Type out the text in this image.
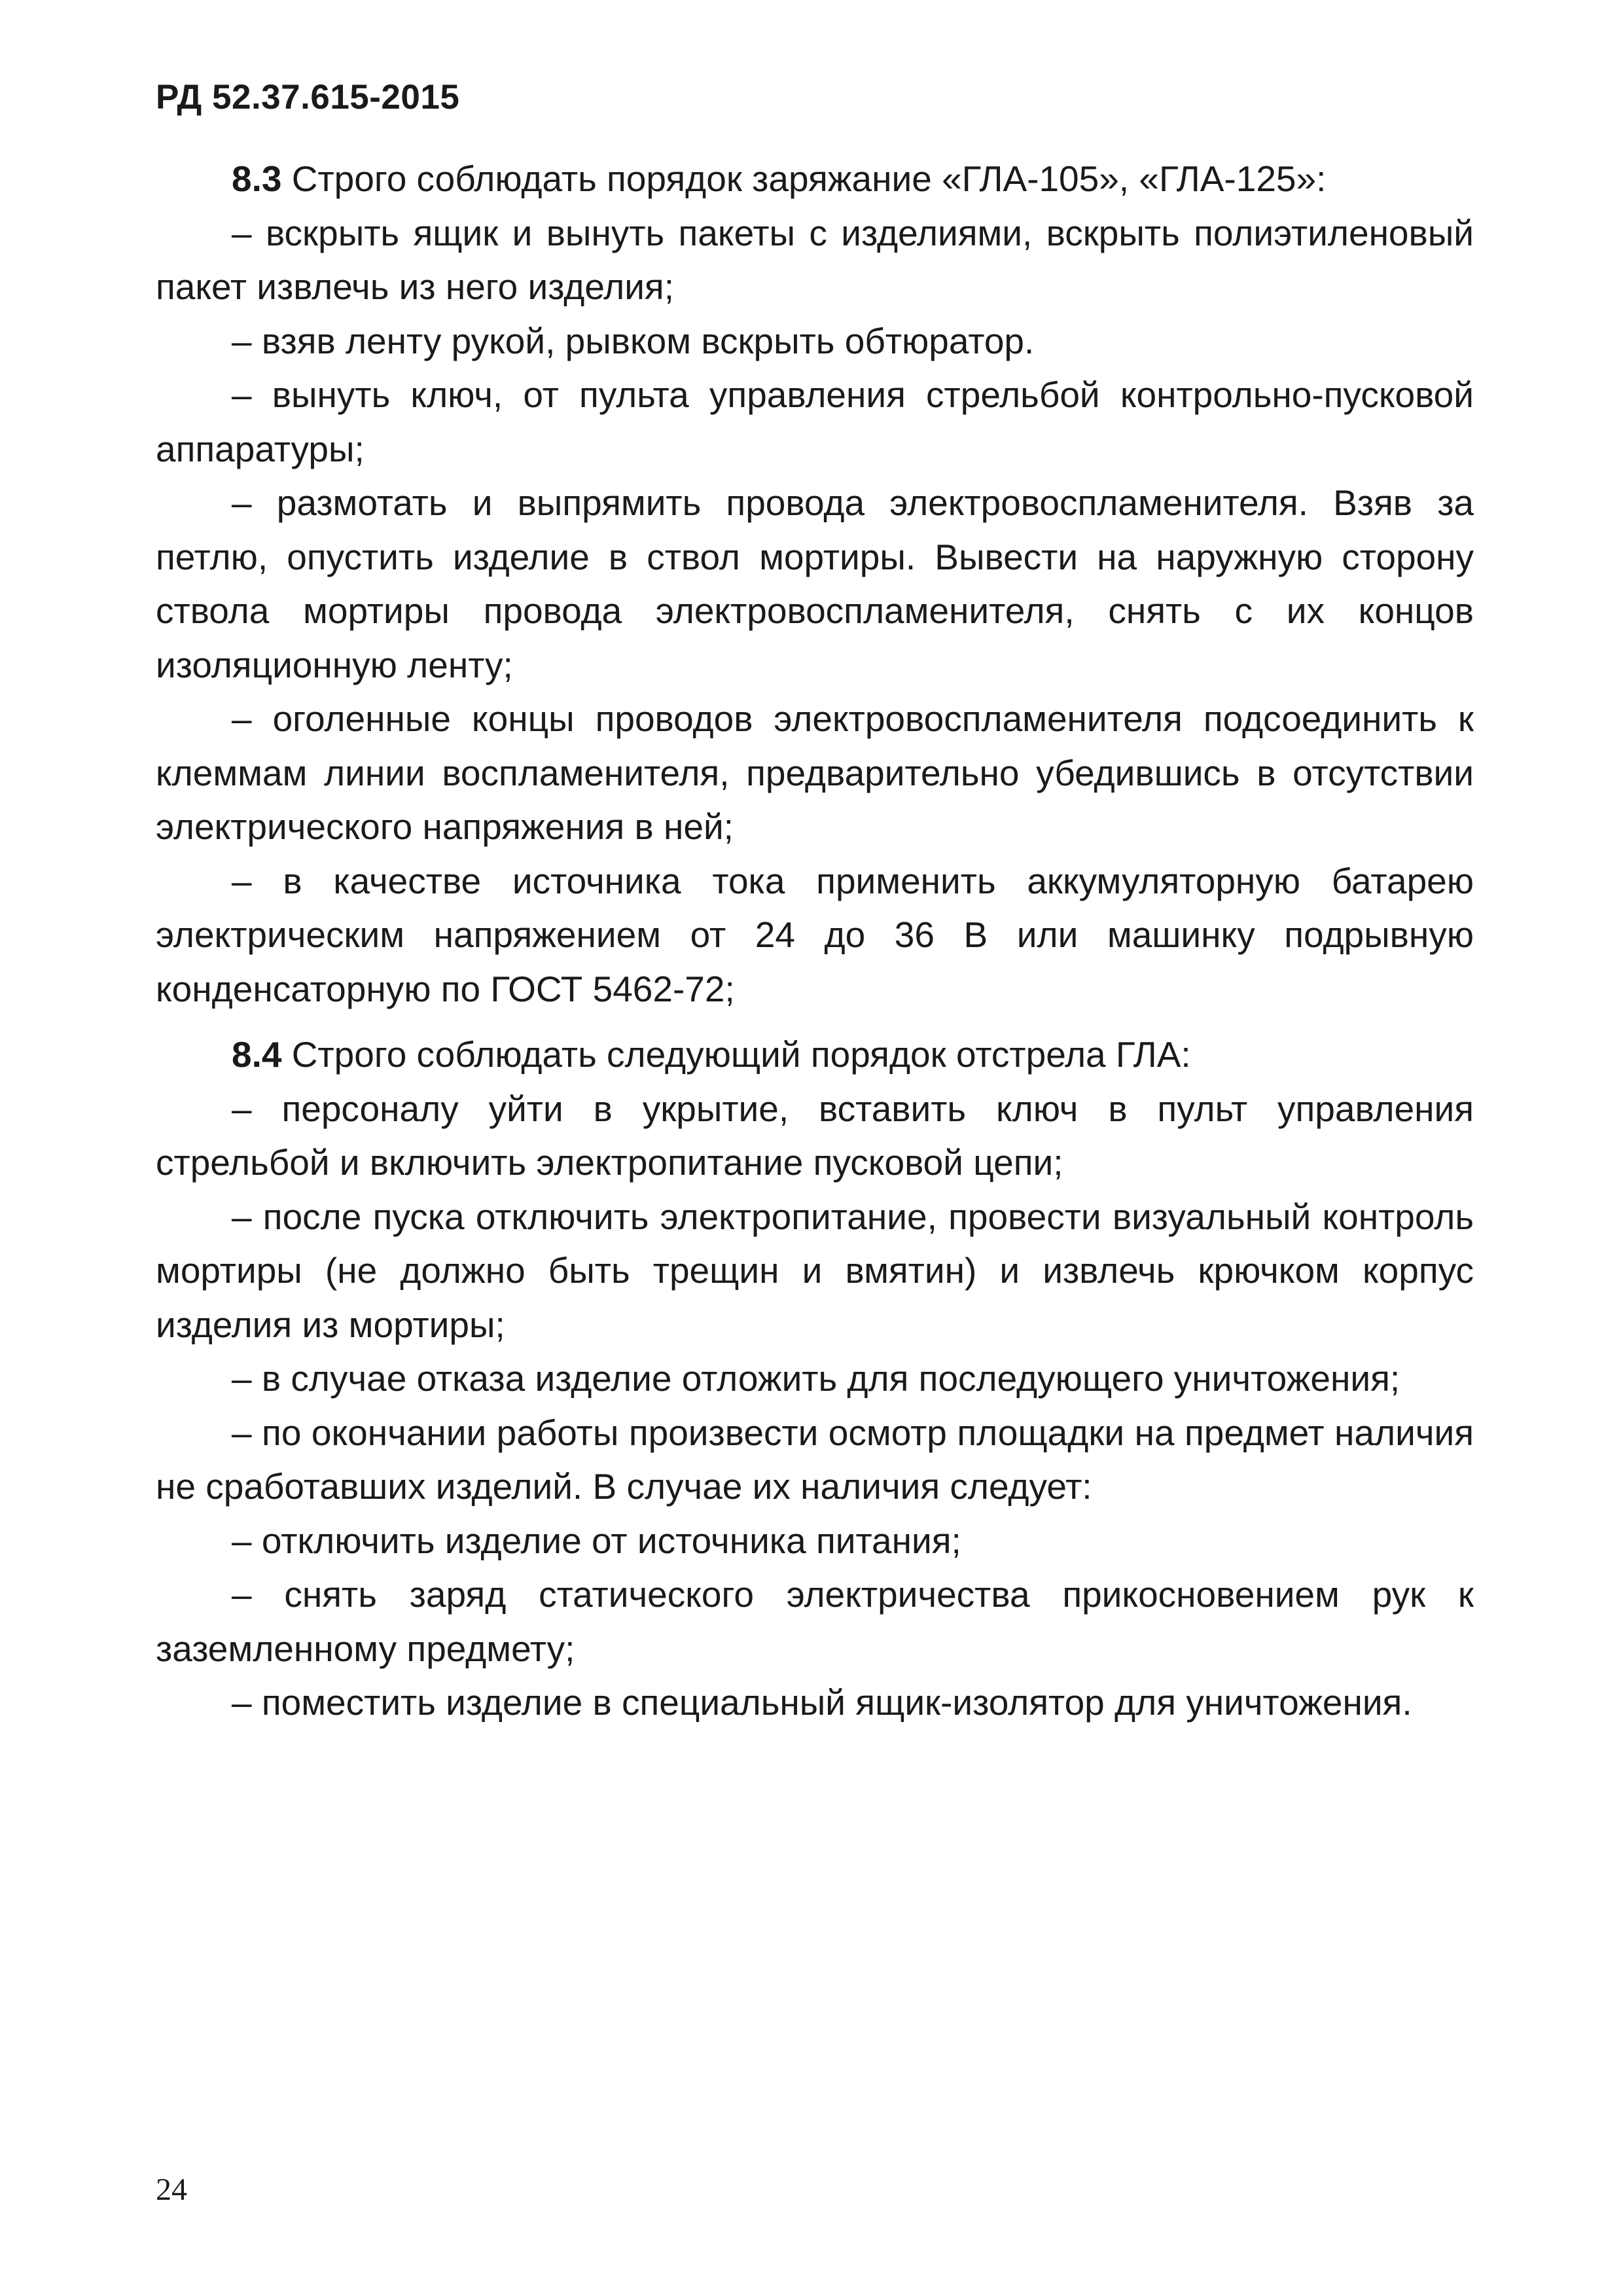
РД 52.37.615-2015

8.3 Строго соблюдать порядок заряжание «ГЛА-105», «ГЛА-125»:

– вскрыть ящик и вынуть пакеты с изделиями, вскрыть полиэтиленовый пакет извлечь из него изделия;

– взяв ленту рукой, рывком вскрыть обтюратор.

– вынуть ключ, от пульта управления стрельбой контрольно-пусковой аппаратуры;

– размотать и выпрямить провода электровоспламенителя. Взяв за петлю, опустить изделие в ствол мортиры. Вывести на наружную сторону ствола мортиры провода электровоспламенителя, снять с их концов изоляционную ленту;

– оголенные концы проводов электровоспламенителя подсоединить к клеммам линии воспламенителя, предварительно убедившись в отсутствии электрического напряжения в ней;

– в качестве источника тока применить аккумуляторную батарею электрическим напряжением от 24 до 36 В или машинку подрывную конденсаторную по ГОСТ 5462-72;

8.4 Строго соблюдать следующий порядок отстрела ГЛА:

– персоналу уйти в укрытие, вставить ключ в пульт управления стрельбой и включить электропитание пусковой цепи;

– после пуска отключить электропитание, провести визуальный контроль мортиры (не должно быть трещин и вмятин) и извлечь крючком корпус изделия из мортиры;

– в случае отказа изделие отложить для последующего уничтожения;

– по окончании работы произвести осмотр площадки на предмет наличия не сработавших изделий. В случае их наличия следует:

– отключить изделие от источника питания;

– снять заряд статического электричества прикосновением рук к заземленному предмету;

– поместить изделие в специальный ящик-изолятор для уничтожения.

24
